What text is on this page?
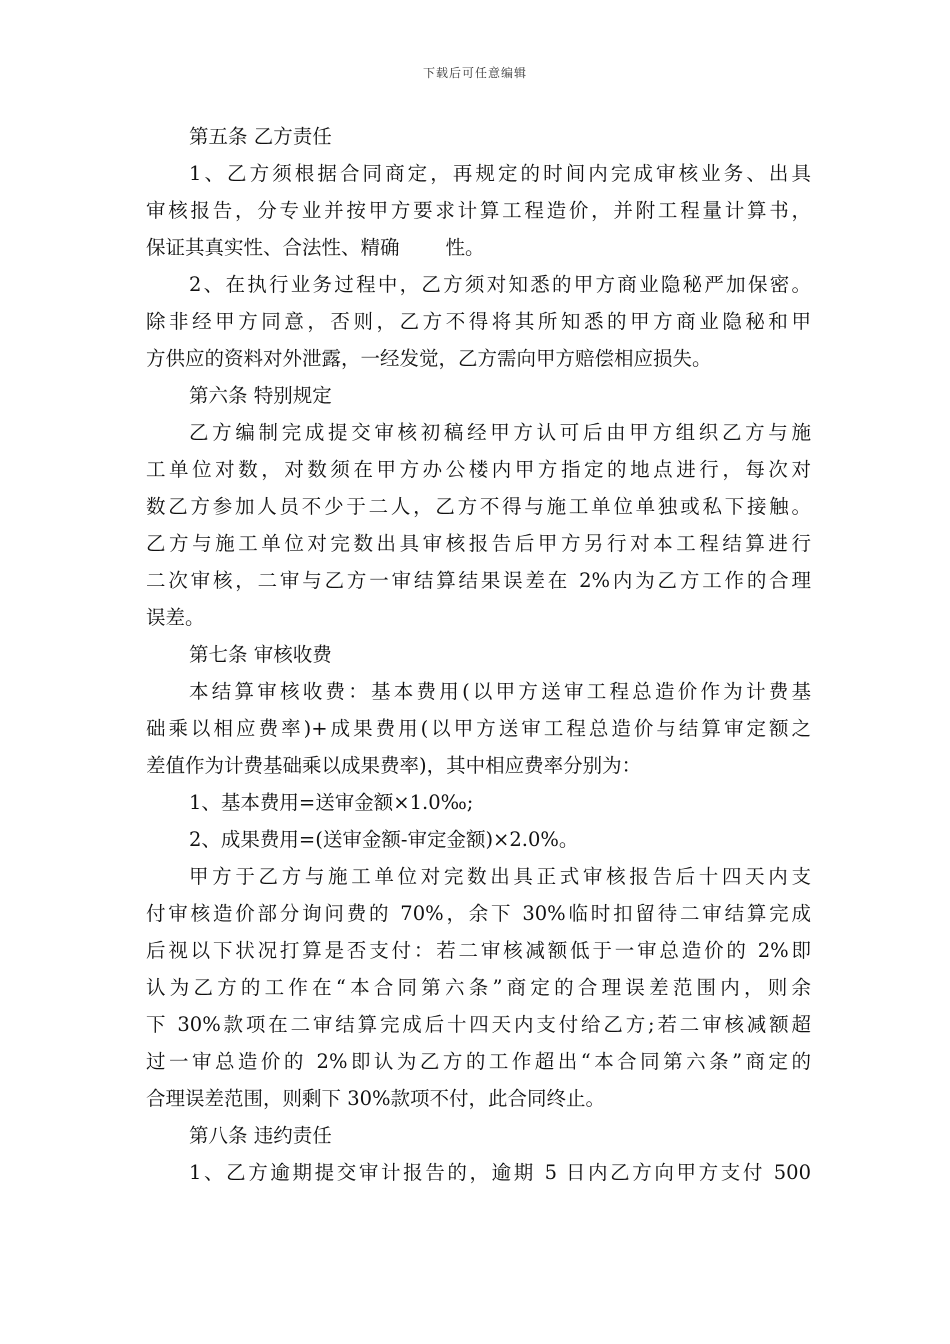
下载后可任意编辑
第五条 乙方责任
1、乙方须根据合同商定，再规定的时间内完成审核业务、出具
审核报告，分专业并按甲方要求计算工程造价，并附工程量计算书，
保证其真实性、合法性、精确 性。
2、在执行业务过程中，乙方须对知悉的甲方商业隐秘严加保密。
除非经甲方同意，否则，乙方不得将其所知悉的甲方商业隐秘和甲
方供应的资料对外泄露，一经发觉，乙方需向甲方赔偿相应损失。
第六条 特别规定
乙方编制完成提交审核初稿经甲方认可后由甲方组织乙方与施
工单位对数，对数须在甲方办公楼内甲方指定的地点进行，每次对
数乙方参加人员不少于二人，乙方不得与施工单位单独或私下接触。
乙方与施工单位对完数出具审核报告后甲方另行对本工程结算进行
二次审核，二审与乙方一审结算结果误差在 2%内为乙方工作的合理
误差。
第七条 审核收费
本结算审核收费：基本费用(以甲方送审工程总造价作为计费基
础乘以相应费率)+成果费用(以甲方送审工程总造价与结算审定额之
差值作为计费基础乘以成果费率)，其中相应费率分别为：
1、基本费用=送审金额×1.0‰;
2、成果费用=(送审金额-审定金额)×2.0%。
甲方于乙方与施工单位对完数出具正式审核报告后十四天内支
付审核造价部分询问费的 70%，余下 30%临时扣留待二审结算完成
后视以下状况打算是否支付：若二审核减额低于一审总造价的 2%即
认为乙方的工作在“本合同第六条”商定的合理误差范围内，则余
下 30%款项在二审结算完成后十四天内支付给乙方;若二审核减额超
过一审总造价的 2%即认为乙方的工作超出“本合同第六条”商定的
合理误差范围，则剩下 30%款项不付，此合同终止。
第八条 违约责任
1、乙方逾期提交审计报告的，逾期 5 日内乙方向甲方支付 500
